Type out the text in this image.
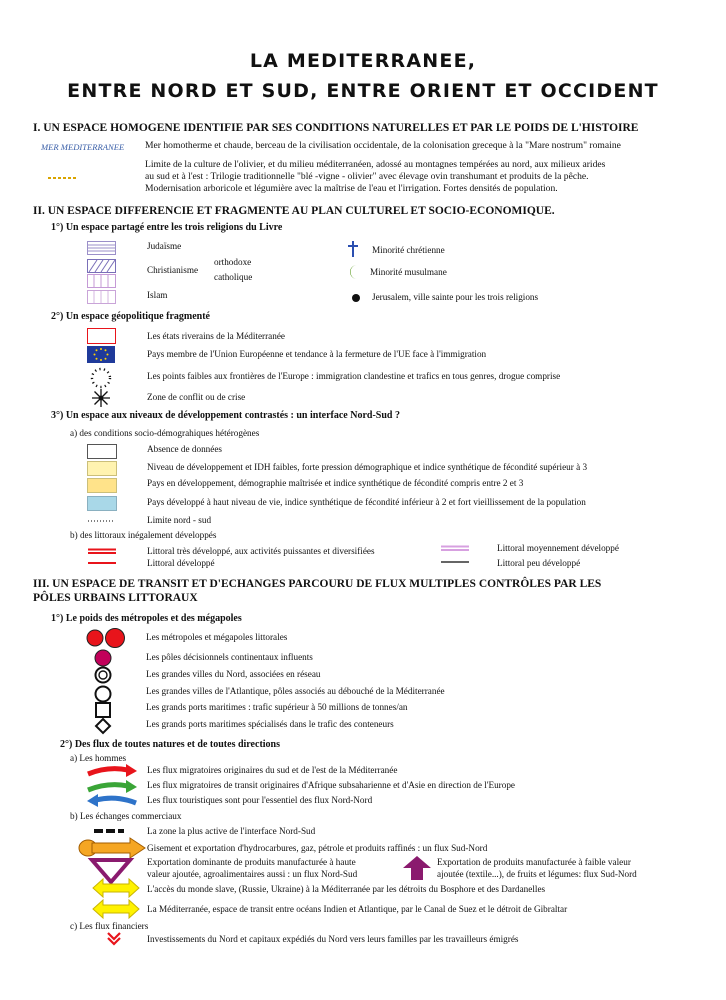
LA MEDITERRANEE,
ENTRE NORD ET SUD, ENTRE ORIENT ET OCCIDENT
I. UN ESPACE HOMOGENE IDENTIFIE PAR SES CONDITIONS NATURELLES ET PAR LE POIDS DE L'HISTOIRE
MER MEDITERRANEE Mer homotherme et chaude, berceau de la civilisation occidentale, de la colonisation greceque à la "Mare nostrum" romaine
Limite de la culture de l'olivier, et du milieu méditerranéen, adossé au montagnes tempérées au nord, aux milieux arides
au sud et à l'est : Trilogie traditionnelle "blé -vigne - olivier" avec élevage ovin transhumant et produits de la pêche.
Modernisation arboricole et légumière avec la maîtrise de l'eau et l'irrigation. Fortes densités de population.
II. UN ESPACE DIFFERENCIE ET FRAGMENTE AU PLAN CULTUREL ET SOCIO-ECONOMIQUE.
1°) Un espace partagé entre les trois religions du Livre
Judaïsme
Christianisme
orthodoxe
catholique
Islam
Minorité chrétienne
Minorité musulmane
Jerusalem, ville sainte pour les trois religions
2°) Un espace géopolitique fragmenté
Les états riverains de la Méditerranée
Pays membre de l'Union Européenne et tendance à la fermeture de l'UE face à l'immigration
Les points faibles aux frontières de l'Europe : immigration clandestine et trafics en tous genres, drogue comprise
Zone de conflit ou de crise
3°) Un espace aux niveaux de développement contrastés : un interface Nord-Sud ?
a) des conditions socio-démograhiques hétérogènes
Absence de données
Niveau de développement et IDH faibles, forte pression démographique et indice synthétique de fécondité supérieur à 3
Pays en développement, démographie maîtrisée et indice synthétique de fécondité compris entre 2 et 3
Pays développé à haut niveau de vie, indice synthétique de fécondité inférieur à 2 et fort vieillissement de la population
Limite nord - sud
b) des littoraux inégalement développés
Littoral très développé, aux activités puissantes et diversifiées
Littoral développé
Littoral moyennement développé
Littoral peu développé
III. UN ESPACE DE TRANSIT ET D'ECHANGES PARCOURU DE FLUX MULTIPLES CONTRÔLES PAR LES
PÔLES URBAINS LITTORAUX
1°) Le poids des métropoles et des mégapoles
Les métropoles et mégapoles littorales
Les pôles décisionnels continentaux influents
Les grandes villes du Nord, associées en réseau
Les grandes villes de l'Atlantique, pôles associés au débouché de la Méditerranée
Les grands ports maritimes : trafic supérieur à 50 millions de tonnes/an
Les grands ports maritimes spécialisés dans le trafic des conteneurs
2°) Des flux de toutes natures et de toutes directions
a) Les hommes
Les flux migratoires originaires du sud et de l'est de la Méditerranée
Les flux migratoires de transit originaires d'Afrique subsaharienne et d'Asie en direction de l'Europe
Les flux touristiques sont pour l'essentiel des flux Nord-Nord
b) Les échanges commerciaux
La zone la plus active de l'interface Nord-Sud
Gisement et exportation d'hydrocarbures, gaz, pétrole et produits raffinés : un flux Sud-Nord
Exportation dominante de produits manufacturée à haute
valeur ajoutée, agroalimentaires aussi : un flux Nord-Sud
Exportation de produits manufacturée à faible valeur
ajoutée (textile...), de fruits et légumes: flux Sud-Nord
L'accès du monde slave, (Russie, Ukraine) à la Méditerranée par les détroits du Bosphore et des Dardanelles
La Méditerranée, espace de transit entre océans Indien et Atlantique, par le Canal de Suez et le détroit de Gibraltar
c) Les flux financiers
Investissements du Nord et capitaux expédiés du Nord vers leurs familles par les travailleurs émigrés
